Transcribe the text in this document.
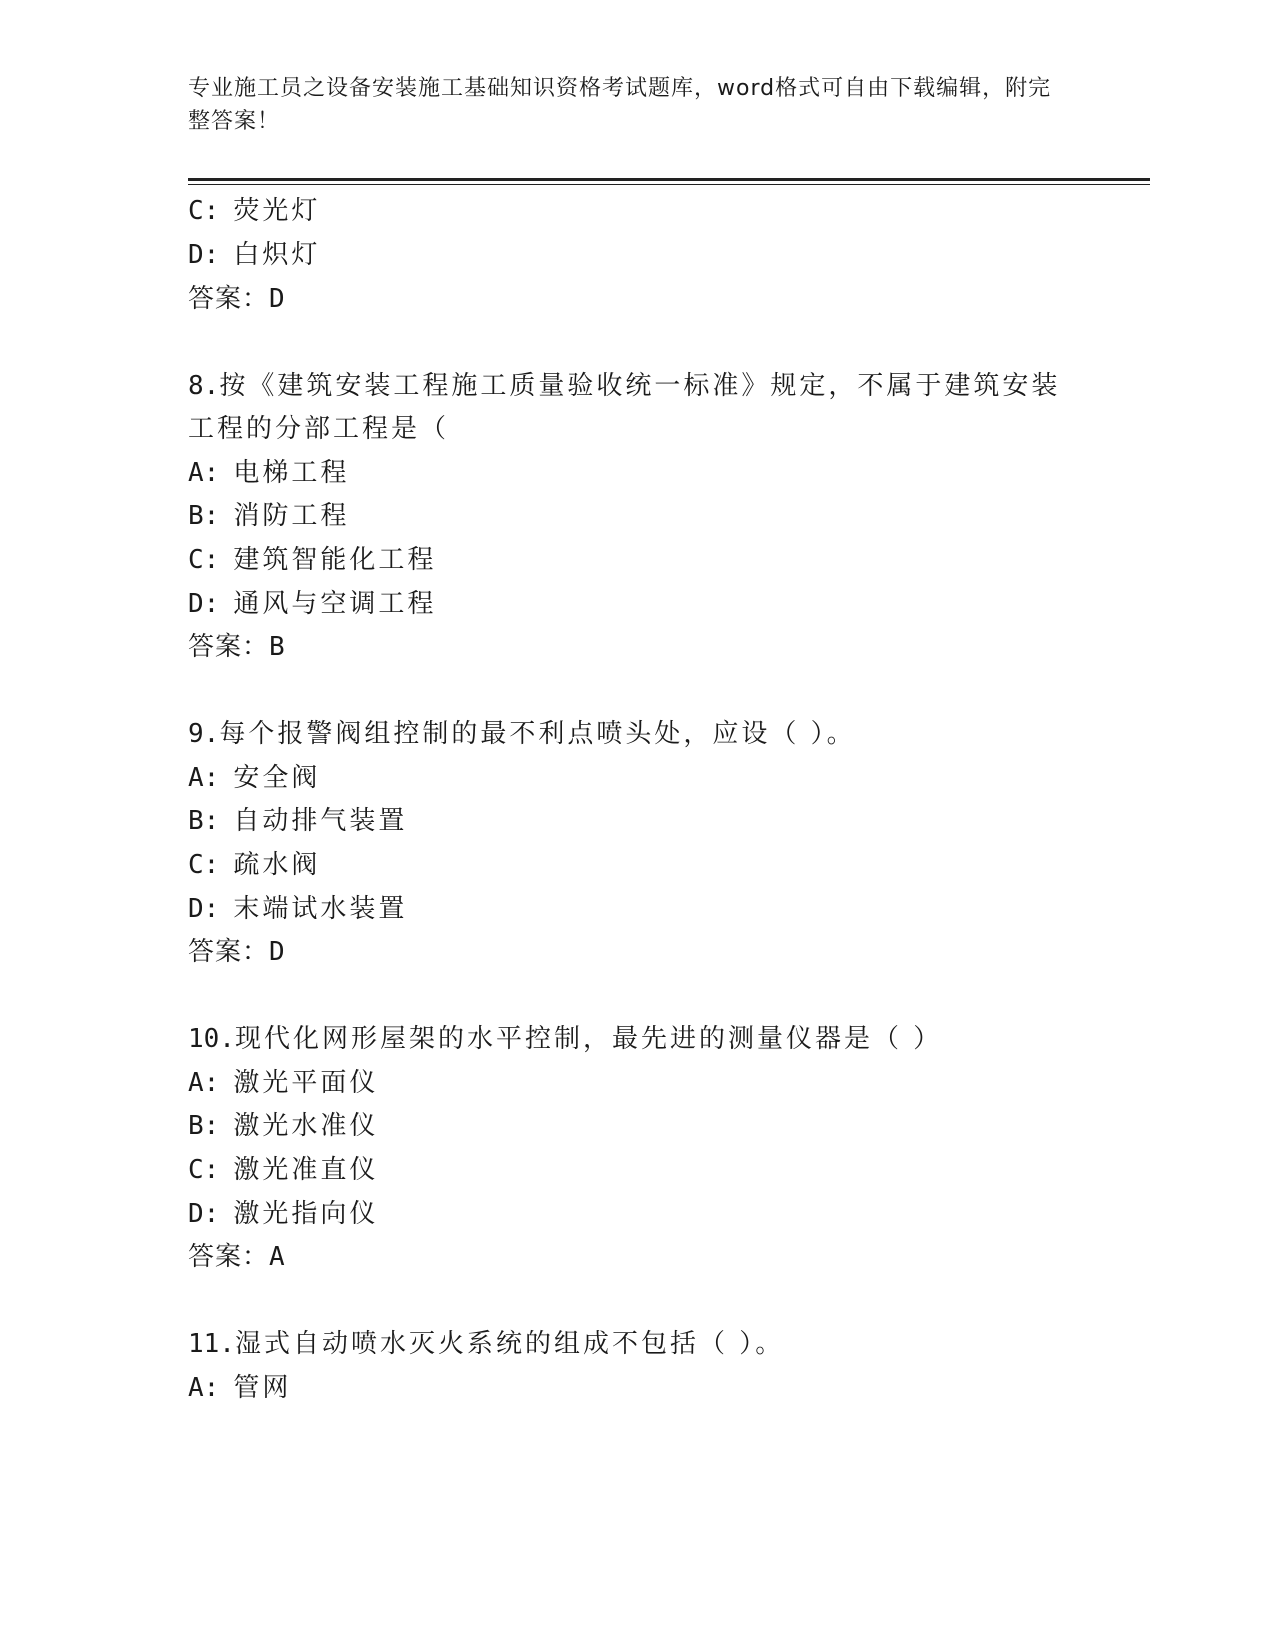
专业施工员之设备安装施工基础知识资格考试题库，word格式可自由下载编辑，附完整答案！
C: 荧光灯
D: 白炽灯
答案：D
8.按《建筑安装工程施工质量验收统一标准》规定，不属于建筑安装
工程的分部工程是（
A: 电梯工程
B: 消防工程
C: 建筑智能化工程
D: 通风与空调工程
答案：B
9.每个报警阀组控制的最不利点喷头处，应设（ ）。
A: 安全阀
B: 自动排气装置
C: 疏水阀
D: 末端试水装置
答案：D
10.现代化网形屋架的水平控制，最先进的测量仪器是（ ）
A: 激光平面仪
B: 激光水准仪
C: 激光准直仪
D: 激光指向仪
答案：A
11.湿式自动喷水灭火系统的组成不包括（ ）。
A: 管网
